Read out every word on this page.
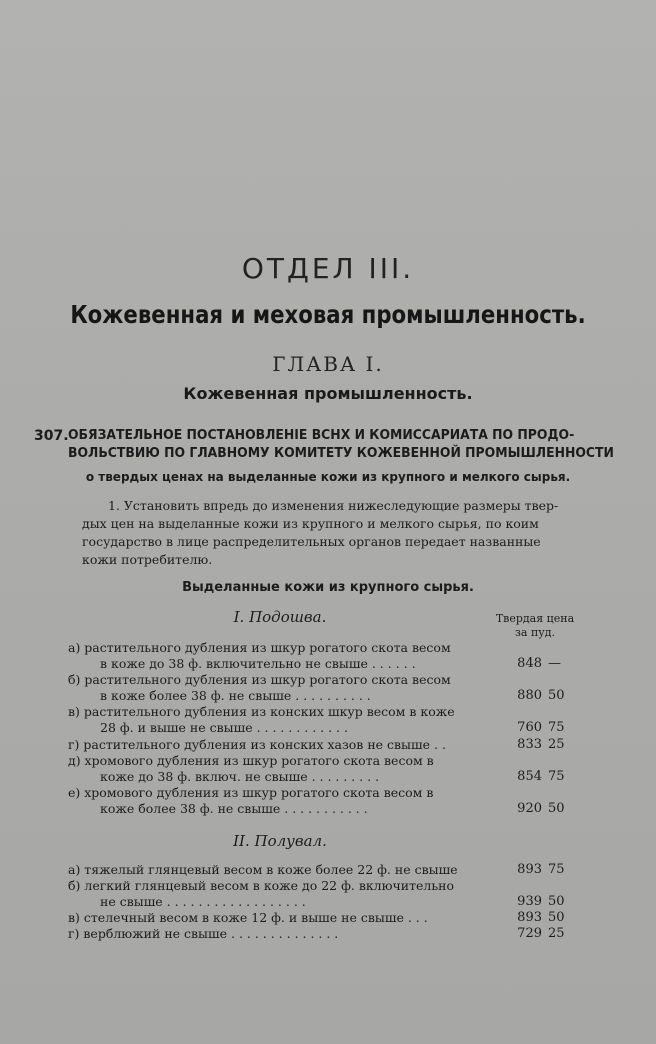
ОТДЕЛ III.
Кожевенная и меховая промышленность.
ГЛАВА I.
Кожевенная промышленность.
307. ОБЯЗАТЕЛЬНОЕ ПОСТАНОВЛЕНІЕ ВСНХ И КОМИССАРИАТА ПО ПРОДО-
ВОЛЬСТВИЮ ПО ГЛАВНОМУ КОМИТЕТУ КОЖЕВЕННОЙ ПРОМЫШЛЕННОСТИ
о твердых ценах на выделанные кожи из крупного и мелкого сырья.
1. Установить впредь до изменения нижеследующие размеры твер-
дых цен на выделанные кожи из крупного и мелкого сырья, по коим
государство в лице распределительных органов передает названные
кожи потребителю.
Выделанные кожи из крупного сырья.
I. Подошва.	Твердая цена
за пуд.
а) растительного дубления из шкур рогатого скота весом
в коже до 38 ф. включительно не свыше . . . . . .	848 —
б) растительного дубления из шкур рогатого скота весом
в коже более 38 ф. не свыше . . . . . . . . . .	880 50
в) растительного дубления из конских шкур весом в коже
28 ф. и выше не свыше . . . . . . . . . . . .	760 75
г) растительного дубления из конских хазов не свыше . .	833 25
д) хромового дубления из шкур рогатого скота весом в
коже до 38 ф. включ. не свыше . . . . . . . . .	854 75
е) хромового дубления из шкур рогатого скота весом в
коже более 38 ф. не свыше . . . . . . . . . . .	920 50
II. Полувал.
а) тяжелый глянцевый весом в коже более 22 ф. не свыше	893 75
б) легкий глянцевый весом в коже до 22 ф. включительно
не свыше . . . . . . . . . . . . . . . . . .	939 50
в) стелечный весом в коже 12 ф. и выше не свыше . . .	893 50
г) верблюжий не свыше . . . . . . . . . . . . . .	729 25
